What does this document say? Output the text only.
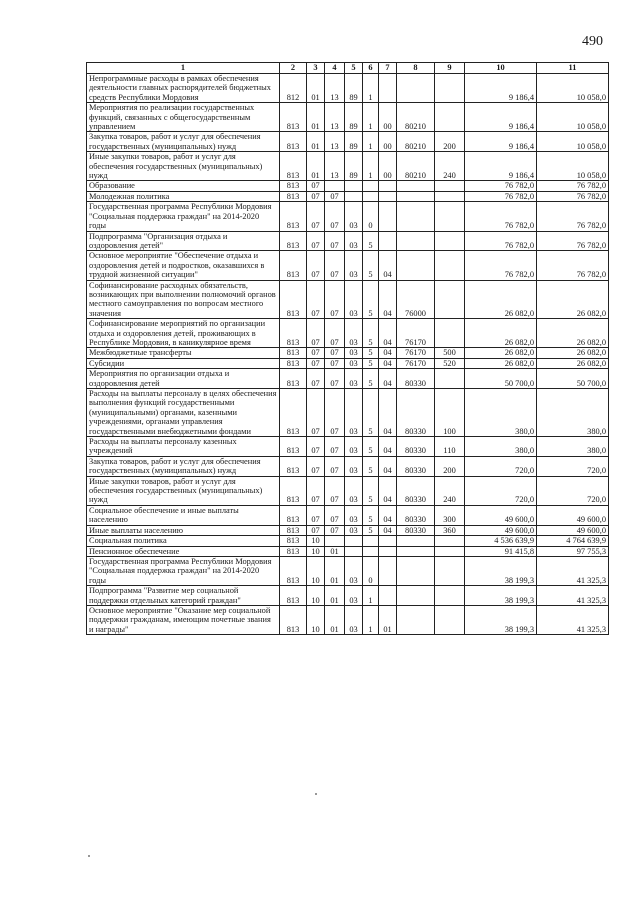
490
1	2	3	4	5	6	7	8	9	10	11
Непрограммные расходы в рамках обеспечения деятельности главных распорядителей бюджетных средств Республики Мордовия	812	01	13	89	1				9 186,4	10 058,0
Мероприятия по реализации государственных функций, связанных с общегосударственным управлением	813	01	13	89	1	00	80210		9 186,4	10 058,0
Закупка товаров, работ и услуг для обеспечения государственных (муниципальных) нужд	813	01	13	89	1	00	80210	200	9 186,4	10 058,0
Иные закупки товаров, работ и услуг для обеспечения государственных (муниципальных) нужд	813	01	13	89	1	00	80210	240	9 186,4	10 058,0
Образование	813	07							76 782,0	76 782,0
Молодежная политика	813	07	07						76 782,0	76 782,0
Государственная программа Республики Мордовия "Социальная поддержка граждан" на 2014-2020 годы	813	07	07	03	0				76 782,0	76 782,0
Подпрограмма "Организация отдыха и оздоровления детей"	813	07	07	03	5				76 782,0	76 782,0
Основное мероприятие "Обеспечение отдыха и оздоровления детей и подростков, оказавшихся в трудной жизненной ситуации"	813	07	07	03	5	04			76 782,0	76 782,0
Софинансирование расходных обязательств, возникающих при выполнении полномочий органов местного самоуправления по вопросам местного значения	813	07	07	03	5	04	76000		26 082,0	26 082,0
Софинансирование мероприятий по организации отдыха и оздоровления детей, проживающих в Республике Мордовия, в каникулярное время	813	07	07	03	5	04	76170		26 082,0	26 082,0
Межбюджетные трансферты	813	07	07	03	5	04	76170	500	26 082,0	26 082,0
Субсидии	813	07	07	03	5	04	76170	520	26 082,0	26 082,0
Мероприятия по организации отдыха и оздоровления детей	813	07	07	03	5	04	80330		50 700,0	50 700,0
Расходы на выплаты персоналу в целях обеспечения выполнения функций государственными (муниципальными) органами, казенными учреждениями, органами управления государственными внебюджетными фондами	813	07	07	03	5	04	80330	100	380,0	380,0
Расходы на выплаты персоналу казенных учреждений	813	07	07	03	5	04	80330	110	380,0	380,0
Закупка товаров, работ и услуг для обеспечения государственных (муниципальных) нужд	813	07	07	03	5	04	80330	200	720,0	720,0
Иные закупки товаров, работ и услуг для обеспечения государственных (муниципальных) нужд	813	07	07	03	5	04	80330	240	720,0	720,0
Социальное обеспечение и иные выплаты населению	813	07	07	03	5	04	80330	300	49 600,0	49 600,0
Иные выплаты населению	813	07	07	03	5	04	80330	360	49 600,0	49 600,0
Социальная политика	813	10							4 536 639,9	4 764 639,9
Пенсионное обеспечение	813	10	01						91 415,8	97 755,3
Государственная программа Республики Мордовия "Социальная поддержка граждан" на 2014-2020 годы	813	10	01	03	0				38 199,3	41 325,3
Подпрограмма "Развитие мер социальной поддержки отдельных категорий граждан"	813	10	01	03	1				38 199,3	41 325,3
Основное мероприятие "Оказание мер социальной поддержки гражданам, имеющим почетные звания и награды"	813	10	01	03	1	01			38 199,3	41 325,3
